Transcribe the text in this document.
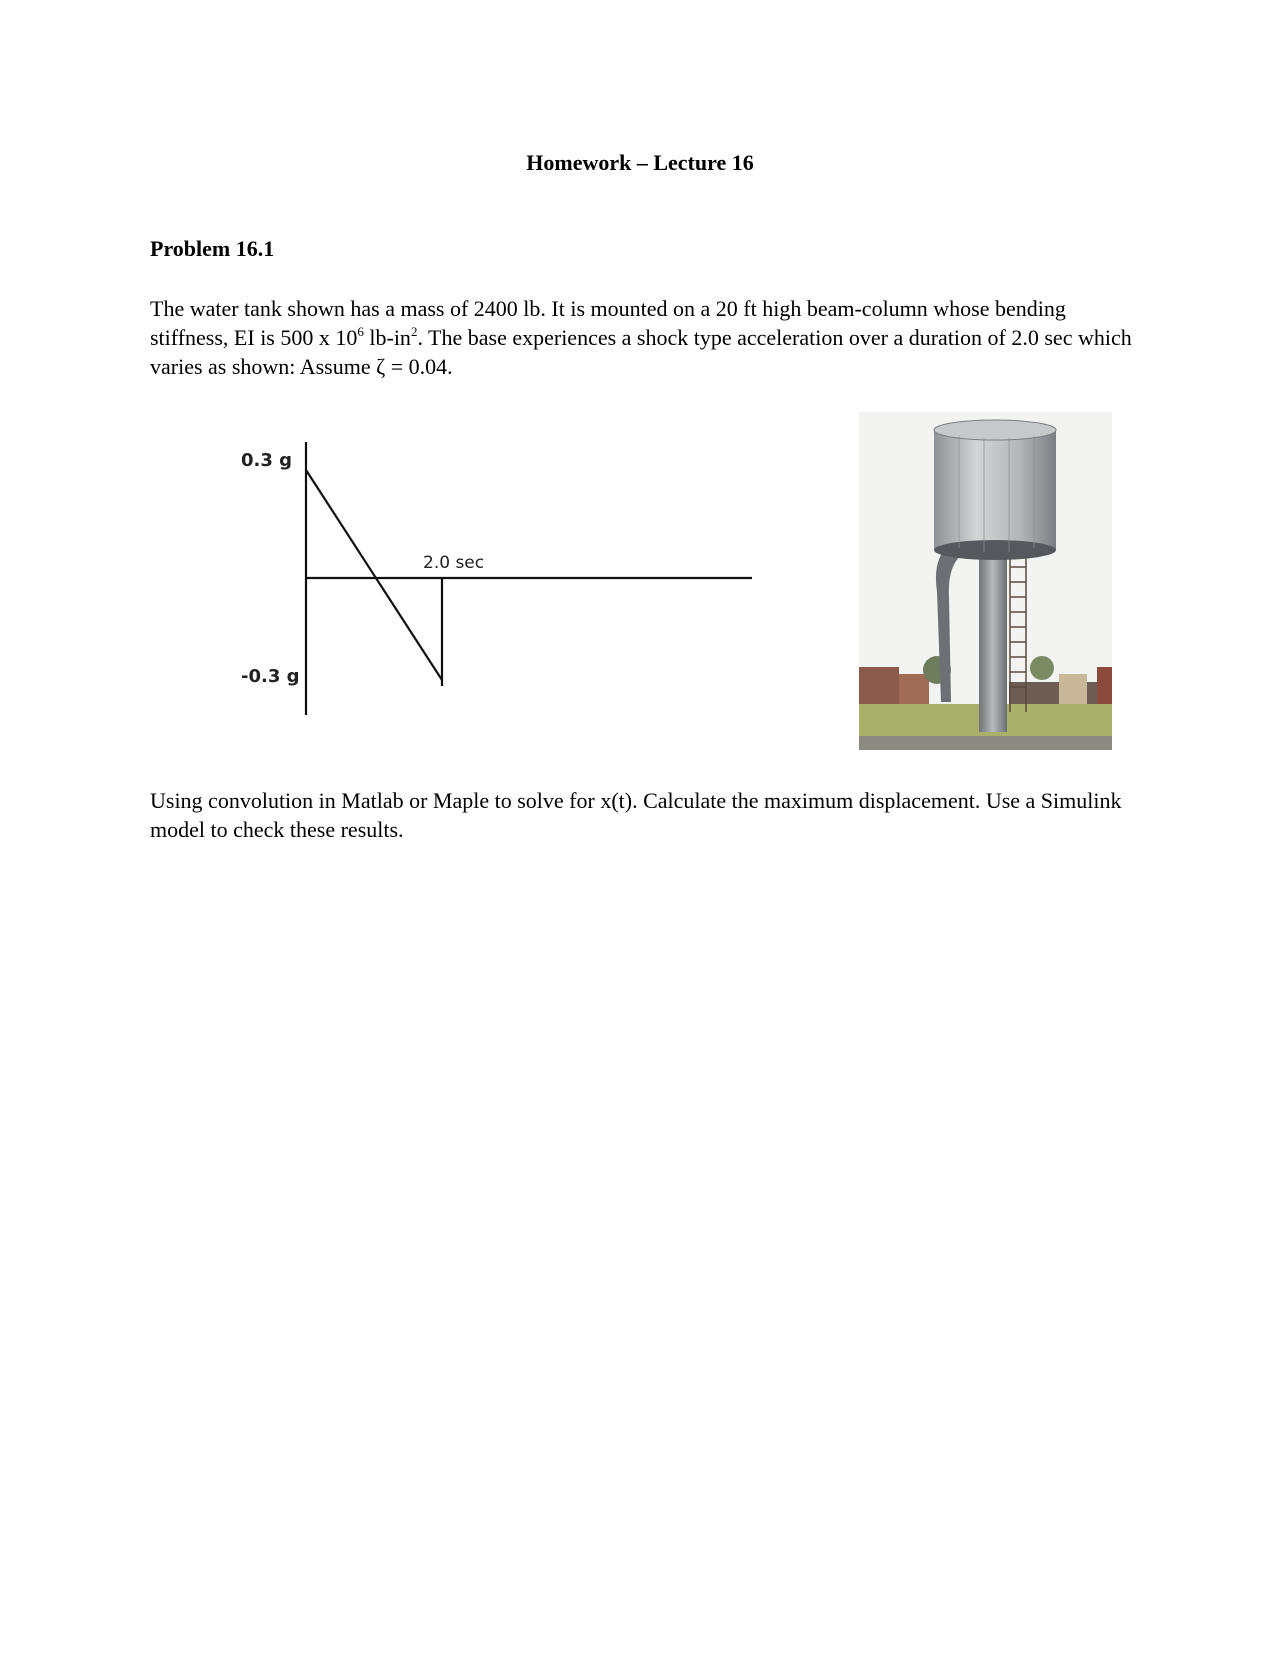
Homework – Lecture 16
Problem 16.1
The water tank shown has a mass of 2400 lb. It is mounted on a 20 ft high beam-column whose bending stiffness, EI is 500 x $10^6$ $lb-in^2$. The base experiences a shock type acceleration over a duration of 2.0 sec which varies as shown: Assume ζ = 0.04.
0.3 g
-0.3 g
2.0 sec
Using convolution in Matlab or Maple to solve for x(t). Calculate the maximum displacement. Use a Simulink model to check these results.
